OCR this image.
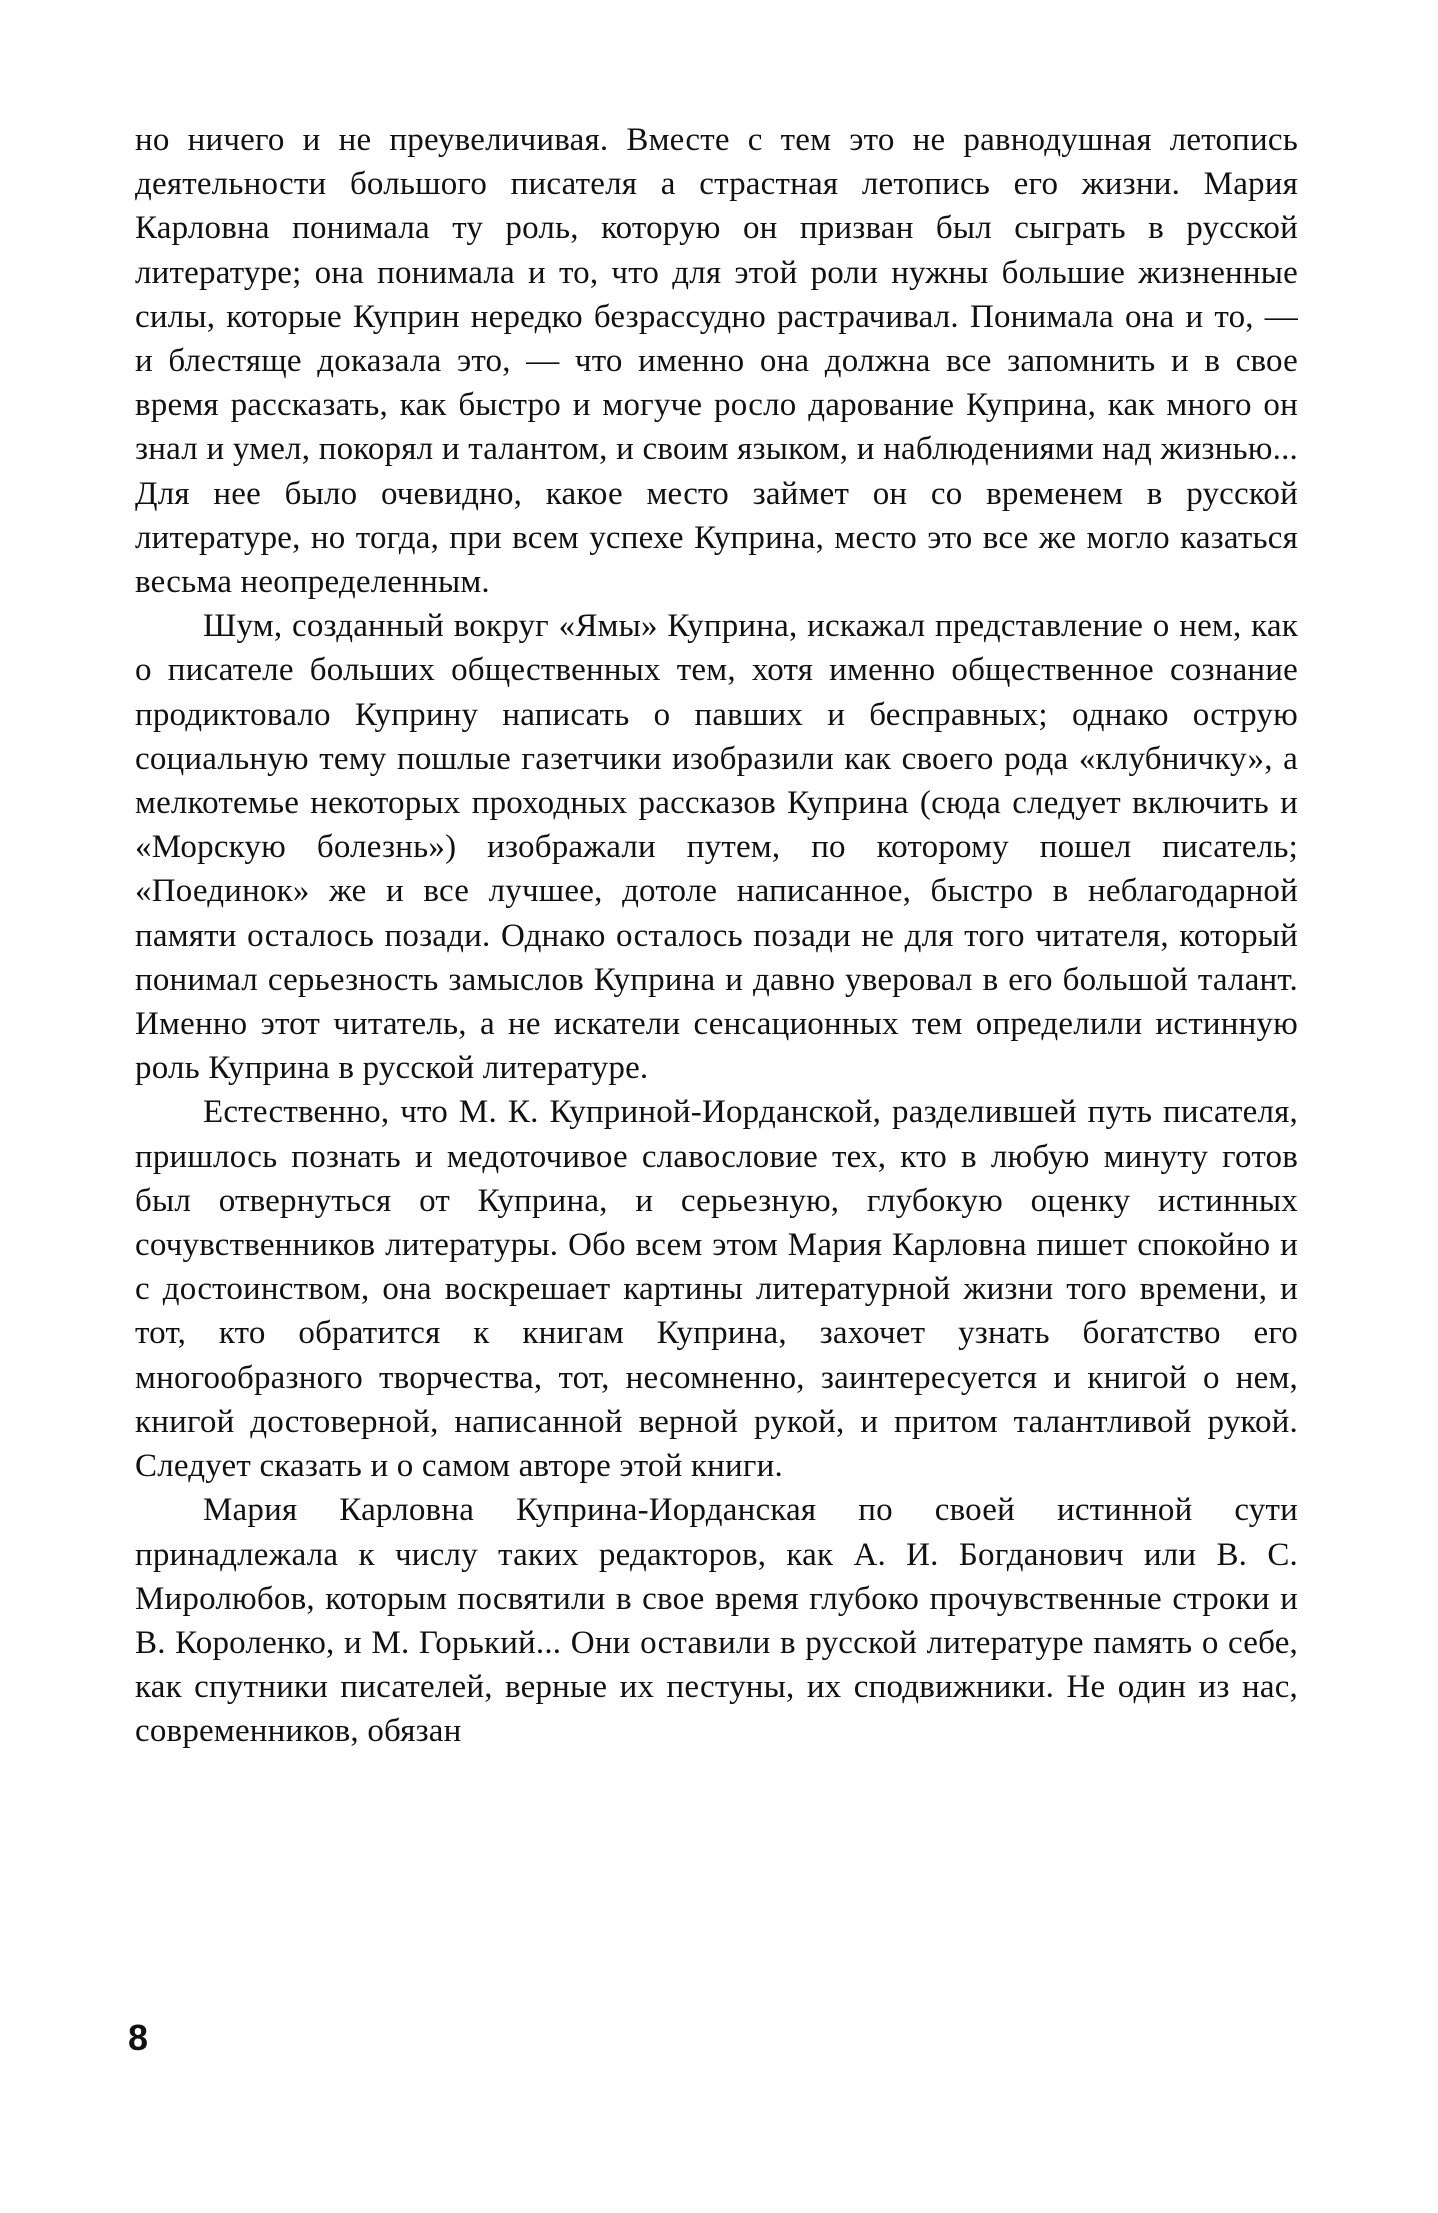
но ничего и не преувеличивая. Вместе с тем это не равнодушная летопись деятельности большого писателя а страстная летопись его жизни. Мария Карловна понимала ту роль, которую он призван был сыграть в русской литературе; она понимала и то, что для этой роли нужны большие жизненные силы, которые Куприн нередко безрассудно растрачивал. Понимала она и то, — и блестяще доказала это, — что именно она должна все запомнить и в свое время рассказать, как быстро и могуче росло дарование Куприна, как много он знал и умел, покорял и талантом, и своим языком, и наблюдениями над жизнью... Для нее было очевидно, какое место займет он со временем в русской литературе, но тогда, при всем успехе Куприна, место это все же могло казаться весьма неопределенным.

Шум, созданный вокруг «Ямы» Куприна, искажал представление о нем, как о писателе больших общественных тем, хотя именно общественное сознание продиктовало Куприну написать о павших и бесправных; однако острую социальную тему пошлые газетчики изобразили как своего рода «клубничку», а мелкотемье некоторых проходных рассказов Куприна (сюда следует включить и «Морскую болезнь») изображали путем, по которому пошел писатель; «Поединок» же и все лучшее, дотоле написанное, быстро в неблагодарной памяти осталось позади. Однако осталось позади не для того читателя, который понимал серьезность замыслов Куприна и давно уверовал в его большой талант. Именно этот читатель, а не искатели сенсационных тем определили истинную роль Куприна в русской литературе.

Естественно, что М. К. Куприной-Иорданской, разделившей путь писателя, пришлось познать и медоточивое славословие тех, кто в любую минуту готов был отвернуться от Куприна, и серьезную, глубокую оценку истинных сочувственников литературы. Обо всем этом Мария Карловна пишет спокойно и с достоинством, она воскрешает картины литературной жизни того времени, и тот, кто обратится к книгам Куприна, захочет узнать богатство его многообразного творчества, тот, несомненно, заинтересуется и книгой о нем, книгой достоверной, написанной верной рукой, и притом талантливой рукой. Следует сказать и о самом авторе этой книги.

Мария Карловна Куприна-Иорданская по своей истинной сути принадлежала к числу таких редакторов, как А. И. Богданович или В. С. Миролюбов, которым посвятили в свое время глубоко прочувственные строки и В. Короленко, и М. Горький... Они оставили в русской литературе память о себе, как спутники писателей, верные их пестуны, их сподвижники. Не один из нас, современников, обязан

8
